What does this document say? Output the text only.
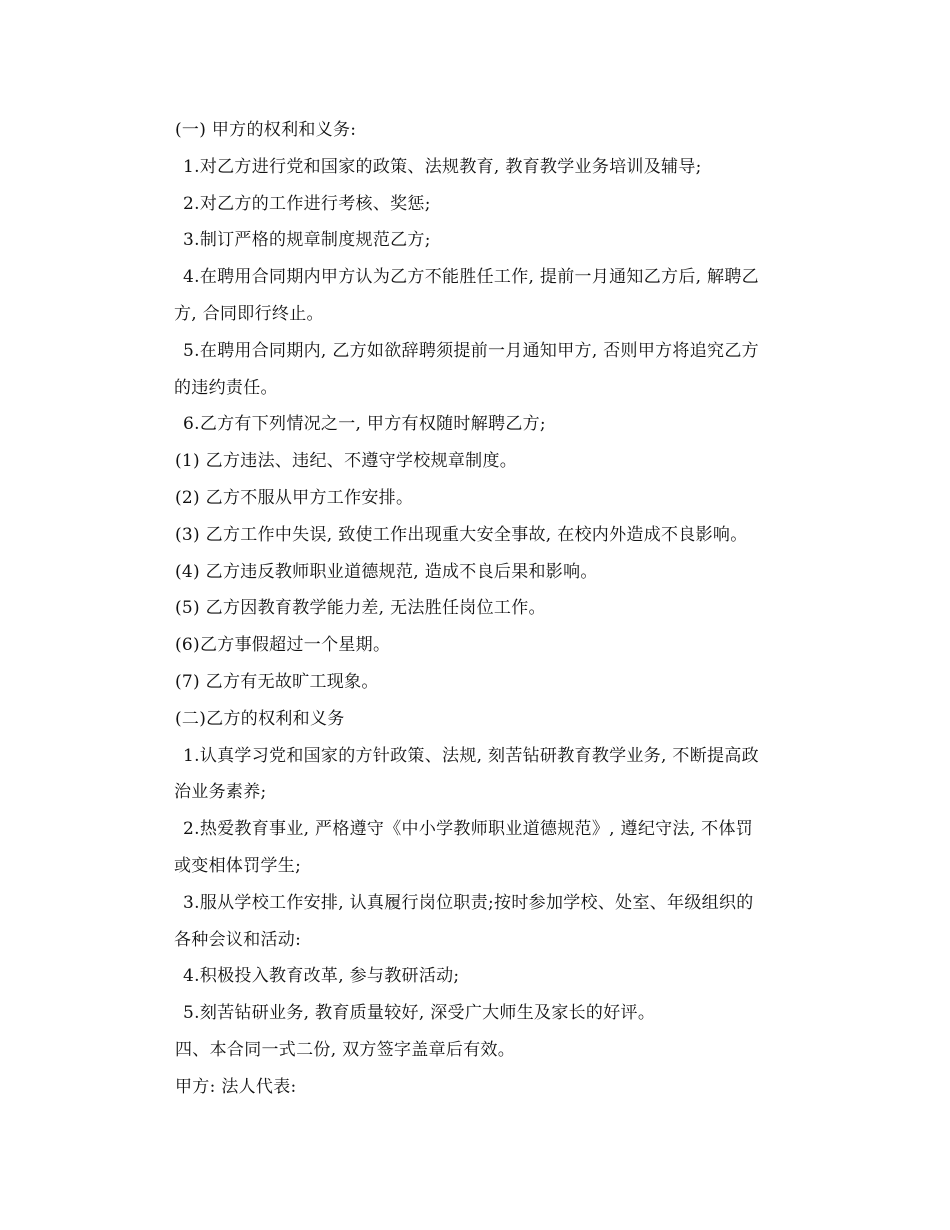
(一) 甲方的权利和义务:
1.对乙方进行党和国家的政策、法规教育, 教育教学业务培训及辅导;
2.对乙方的工作进行考核、奖惩;
3.制订严格的规章制度规范乙方;
4.在聘用合同期内甲方认为乙方不能胜任工作, 提前一月通知乙方后, 解聘乙
方, 合同即行终止。
5.在聘用合同期内, 乙方如欲辞聘须提前一月通知甲方, 否则甲方将追究乙方
的违约责任。
6.乙方有下列情况之一, 甲方有权随时解聘乙方;
(1) 乙方违法、违纪、不遵守学校规章制度。
(2) 乙方不服从甲方工作安排。
(3) 乙方工作中失误, 致使工作出现重大安全事故, 在校内外造成不良影响。
(4) 乙方违反教师职业道德规范, 造成不良后果和影响。
(5) 乙方因教育教学能力差, 无法胜任岗位工作。
(6)乙方事假超过一个星期。
(7) 乙方有无故旷工现象。
(二)乙方的权利和义务
1.认真学习党和国家的方针政策、法规, 刻苦钻研教育教学业务, 不断提高政
治业务素养;
2.热爱教育事业, 严格遵守《中小学教师职业道德规范》, 遵纪守法, 不体罚
或变相体罚学生;
3.服从学校工作安排, 认真履行岗位职责;按时参加学校、处室、年级组织的
各种会议和活动:
4.积极投入教育改革, 参与教研活动;
5.刻苦钻研业务, 教育质量较好, 深受广大师生及家长的好评。
四、本合同一式二份, 双方签字盖章后有效。
甲方: 法人代表:
